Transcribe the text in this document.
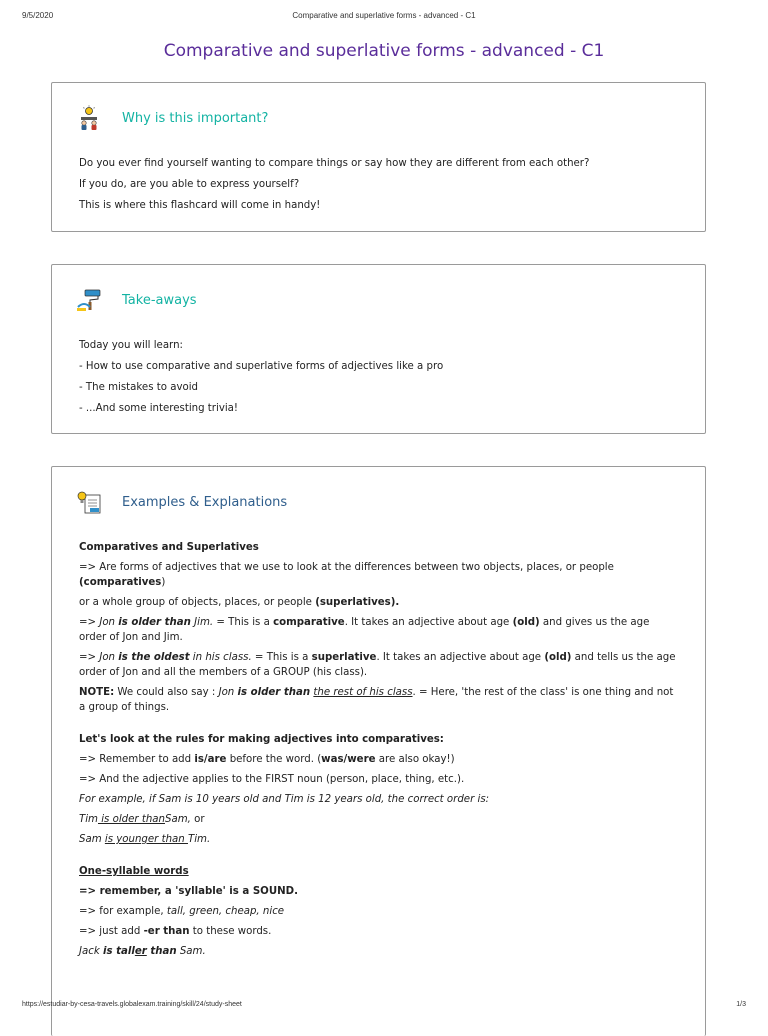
9/5/2020	Comparative and superlative forms - advanced - C1
Comparative and superlative forms - advanced - C1
Why is this important?

Do you ever find yourself wanting to compare things or say how they are different from each other?

If you do, are you able to express yourself?

This is where this flashcard will come in handy!

Take-aways

Today you will learn:

- How to use comparative and superlative forms of adjectives like a pro

- The mistakes to avoid

- ...And some interesting trivia!

Examples & Explanations

Comparatives and Superlatives

=> Are forms of adjectives that we use to look at the differences between two objects, places, or people (comparatives)

or a whole group of objects, places, or people (superlatives).

=> Jon is older than Jim. = This is a comparative. It takes an adjective about age (old) and gives us the age order of Jon and Jim.

=> Jon is the oldest in his class. = This is a superlative. It takes an adjective about age (old) and tells us the age order of Jon and all the members of a GROUP (his class).

NOTE: We could also say : Jon is older than the rest of his class. = Here, 'the rest of the class' is one thing and not a group of things.

Let's look at the rules for making adjectives into comparatives:

=> Remember to add is/are before the word. (was/were are also okay!)

=> And the adjective applies to the FIRST noun (person, place, thing, etc.).

For example, if Sam is 10 years old and Tim is 12 years old, the correct order is:

Tim is older thanSam, or

Sam is younger than Tim.

One-syllable words

=> remember, a 'syllable' is a SOUND.

=> for example, tall, green, cheap, nice

=> just add -er than to these words.

Jack is taller than Sam.

https://estudiar-by-cesa-travels.globalexam.training/skill/24/study-sheet	1/3
